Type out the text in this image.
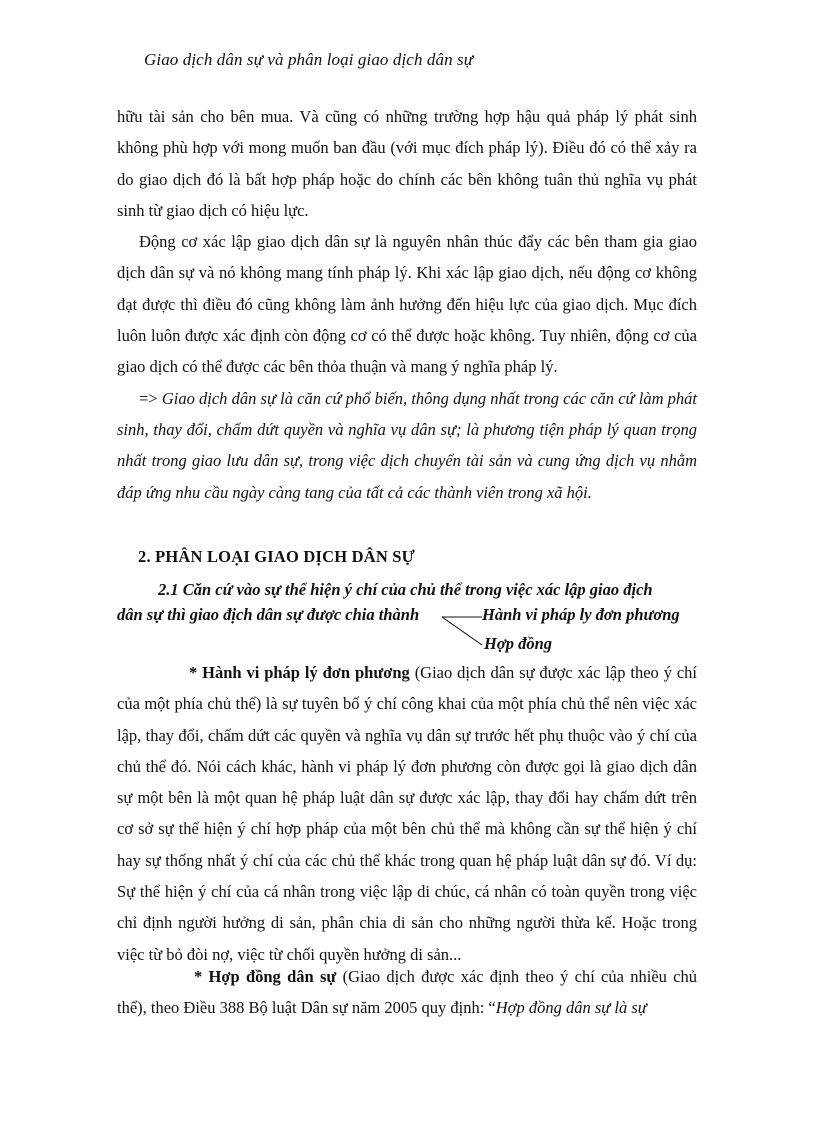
Giao dịch dân sự và phân loại giao dịch dân sự

hữu tài sản cho bên mua. Và cũng có những trường hợp hậu quả pháp lý phát sinh không phù hợp với mong muốn ban đầu (với mục đích pháp lý). Điều đó có thể xảy ra do giao dịch đó là bất hợp pháp hoặc do chính các bên không tuân thủ nghĩa vụ phát sinh từ giao dịch có hiệu lực.

Động cơ xác lập giao dịch dân sự là nguyên nhân thúc đẩy các bên tham gia giao dịch dân sự và nó không mang tính pháp lý. Khi xác lập giao dịch, nếu động cơ không đạt được thì điều đó cũng không làm ảnh hưởng đến hiệu lực của giao dịch. Mục đích luôn luôn được xác định còn động cơ có thể được hoặc không. Tuy nhiên, động cơ của giao dịch có thể được các bên thỏa thuận và mang ý nghĩa pháp lý.

=> Giao dịch dân sự là căn cứ phổ biến, thông dụng nhất trong các căn cứ làm phát sinh, thay đổi, chấm dứt quyền và nghĩa vụ dân sự; là phương tiện pháp lý quan trọng nhất trong giao lưu dân sự, trong việc dịch chuyển tài sản và cung ứng dịch vụ nhằm đáp ứng nhu cầu ngày càng tang của tất cả các thành viên trong xã hội.

2. PHÂN LOẠI GIAO DỊCH DÂN SỰ
2.1 Căn cứ vào sự thể hiện ý chí của chủ thể trong việc xác lập giao địch
dân sự thì giao địch dân sự được chia thành	Hành vi pháp ly đơn phương
Hợp đồng

* Hành vi pháp lý đơn phương (Giao dịch dân sự được xác lập theo ý chí của một phía chủ thể) là sự tuyên bố ý chí công khai của một phía chủ thể nên việc xác lập, thay đổi, chấm dứt các quyền và nghĩa vụ dân sự trước hết phụ thuộc vào ý chí của chủ thể đó. Nói cách khác, hành vi pháp lý đơn phương còn được gọi là giao dịch dân sự một bên là một quan hệ pháp luật dân sự được xác lập, thay đổi hay chấm dứt trên cơ sở sự thể hiện ý chí hợp pháp của một bên chủ thể mà không cần sự thể hiện ý chí hay sự thống nhất ý chí của các chủ thể khác trong quan hệ pháp luật dân sự đó. Ví dụ: Sự thể hiện ý chí của cá nhân trong việc lập di chúc, cá nhân có toàn quyền trong việc chỉ định người hưởng di sản, phân chia di sản cho những người thừa kế. Hoặc trong việc từ bỏ đòi nợ, việc từ chối quyền hưởng di sản...

* Hợp đồng dân sự (Giao dịch được xác định theo ý chí của nhiều chủ thể), theo Điều 388 Bộ luật Dân sự năm 2005 quy định: “Hợp đồng dân sự là sự
